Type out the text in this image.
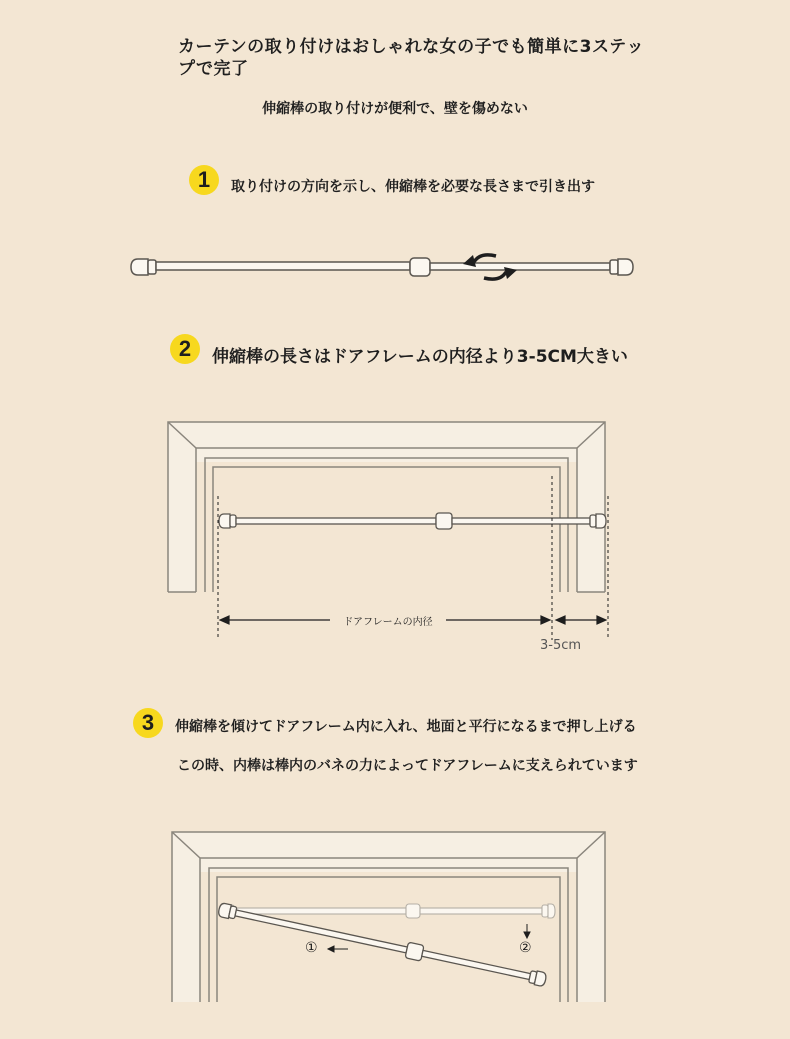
カーテンの取り付けはおしゃれな女の子でも簡単に3ステップで完了
伸縮棒の取り付けが便利で、壁を傷めない
1	取り付けの方向を示し、伸縮棒を必要な長さまで引き出す
2	伸縮棒の長さはドアフレームの内径より3-5CM大きい
ドアフレームの内径
3-5cm
3	伸縮棒を傾けてドアフレーム内に入れ、地面と平行になるまで押し上げる
この時、内棒は棒内のバネの力によってドアフレームに支えられています
①	②
